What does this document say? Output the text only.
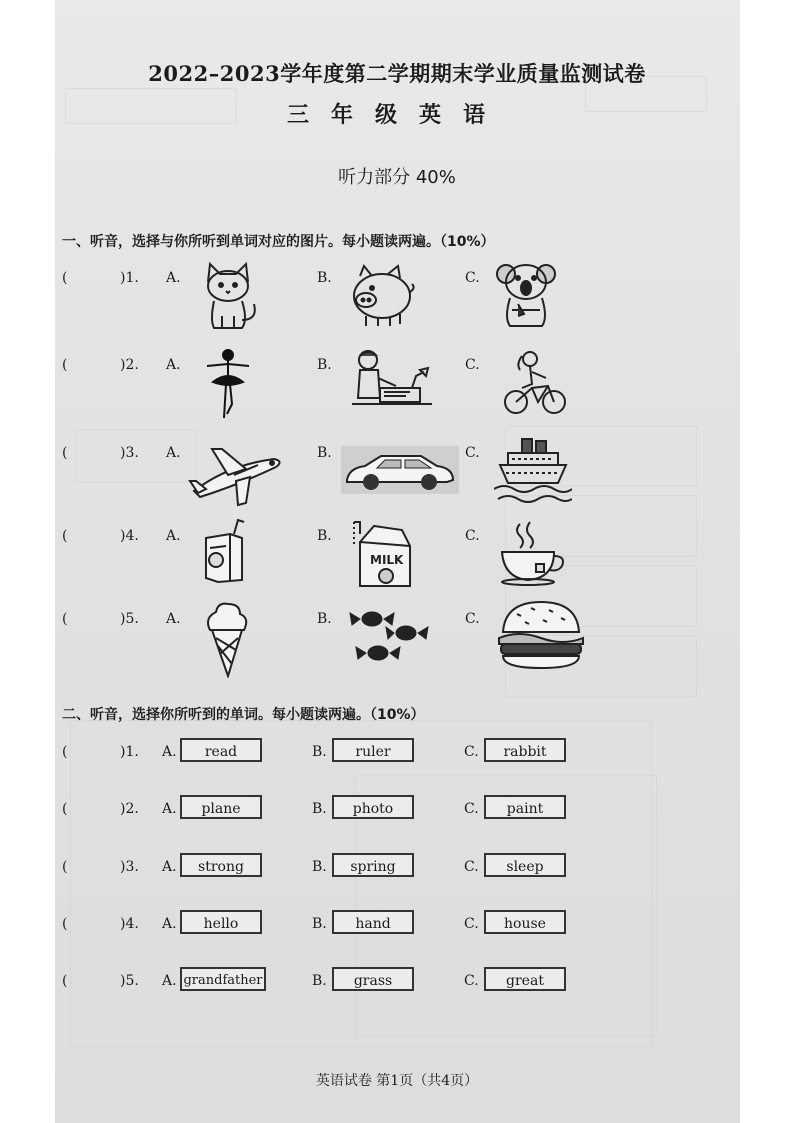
2022–2023学年度第二学期期末学业质量监测试卷
三年级英语
听力部分 40%
一、听音，选择与你所听到单词对应的图片。每小题读两遍。（10%）
(	)1. A.	B.	C.
(	)2. A.	B.	C.
(	)3. A.	B.	C.
(	)4. A.	B.	C.
MILK
(	)5. A.	B.	C.
二、听音，选择你所听到的单词。每小题读两遍。（10%）
(	)1. A.	read	B.	ruler	C.	rabbit
(	)2. A.	plane	B.	photo	C.	paint
(	)3. A.	strong	B.	spring	C.	sleep
(	)4. A.	hello	B.	hand	C.	house
(	)5. A. grandfather	B.	grass	C.	great
英语试卷 第1页（共4页）
